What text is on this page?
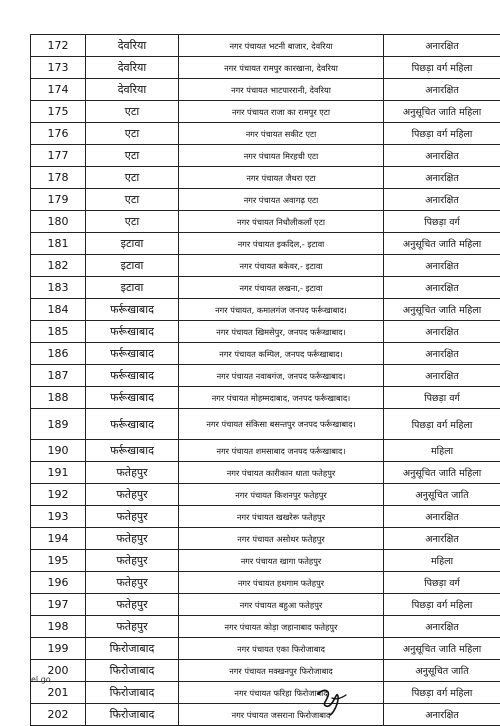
172	देवरिया	नगर पंचायत भटनी बाजार, देवरिया	अनारक्षित
173	देवरिया	नगर पंचायत रामपुर कारखाना, देवरिया	पिछड़ा वर्ग महिला
174	देवरिया	नगर पंचायत भाटपाररानी, देवरिया	अनारक्षित
175	एटा	नगर पंचायत राजा का रामपुर एटा	अनुसूचित जाति महिला
176	एटा	नगर पंचायत सकीट एटा	पिछड़ा वर्ग महिला
177	एटा	नगर पंचायत मिरहची एटा	अनारक्षित
178	एटा	नगर पंचायत जैथरा एटा	अनारक्षित
179	एटा	नगर पंचायत अवागढ़ एटा	अनारक्षित
180	एटा	नगर पंचायत निधौलीकलाँ एटा	पिछड़ा वर्ग
181	इटावा	नगर पंचायत इकदिल,- इटावा	अनुसूचित जाति महिला
182	इटावा	नगर पंचायत बकेवर,- इटावा	अनारक्षित
183	इटावा	नगर पंचायत लखना,- इटावा	अनारक्षित
184	फर्रूखाबाद	नगर पंचायत, कमालगंज जनपद फर्रूखाबाद।	अनुसूचित जाति महिला
185	फर्रूखाबाद	नगर पंचायत खिमसेपुर, जनपद फर्रूखाबाद।	अनारक्षित
186	फर्रूखाबाद	नगर पंचायत कम्पिल, जनपद फर्रूखाबाद।	अनारक्षित
187	फर्रूखाबाद	नगर पंचायत नवाबगंज, जनपद फर्रूखाबाद।	अनारक्षित
188	फर्रूखाबाद	नगर पंचायत मोहम्मदाबाद, जनपद फर्रूखाबाद।	पिछड़ा वर्ग
189	फर्रूखाबाद	नगर पंचायत संकिसा बसन्तपुर जनपद फर्रूखाबाद।	पिछड़ा वर्ग महिला
190	फर्रूखाबाद	नगर पंचायत शमसाबाद जनपद फर्रूखाबाद।	महिला
191	फतेहपुर	नगर पंचायत कारीकान धाता फतेहपुर	अनुसूचित जाति महिला
192	फतेहपुर	नगर पंचायत किशनपुर फतेहपुर	अनुसूचित जाति
193	फतेहपुर	नगर पंचायत खखरेरू फतेहपुर	अनारक्षित
194	फतेहपुर	नगर पंचायत असोथर फतेहपुर	अनारक्षित
195	फतेहपुर	नगर पंचायत खागा फतेहपुर	महिला
196	फतेहपुर	नगर पंचायत हथगाम फतेहपुर	पिछड़ा वर्ग
197	फतेहपुर	नगर पंचायत बहुआ फतेहपुर	पिछड़ा वर्ग महिला
198	फतेहपुर	नगर पंचायत कोड़ा जहानाबाद फतेहपुर	अनारक्षित
199	फिरोजाबाद	नगर पंचायत एका फिरोजाबाद	अनुसूचित जाति महिला
200	फिरोजाबाद	नगर पंचायत मक्खनपुर फिरोजाबाद	अनुसूचित जाति
201	फिरोजाबाद	नगर पंचायत फरिहा फिरोजाबाद	पिछड़ा वर्ग महिला
202	फिरोजाबाद	नगर पंचायत जसराना फिरोजाबाद	अनारक्षित
el go
